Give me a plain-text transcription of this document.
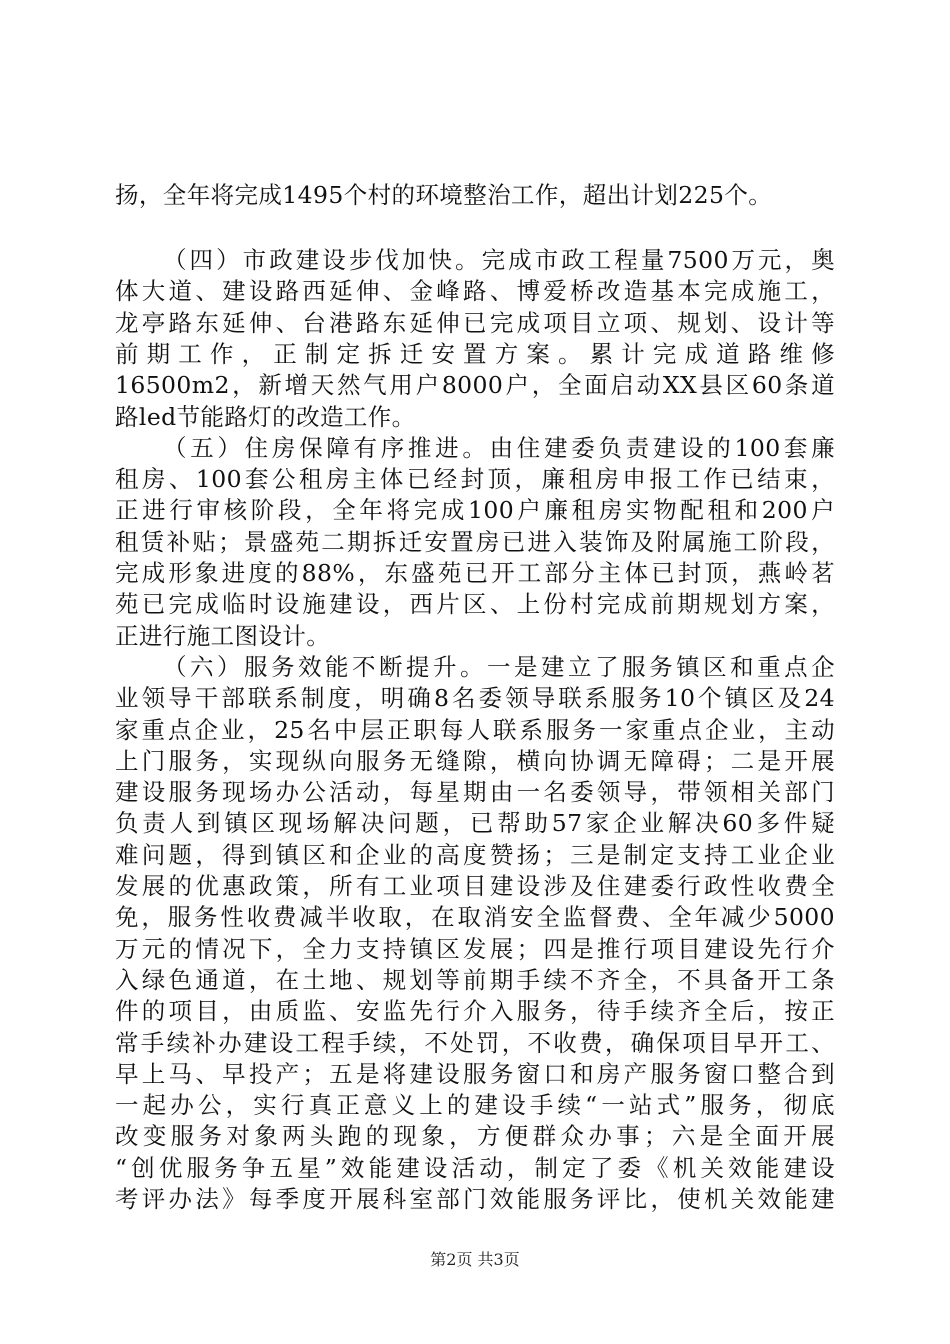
扬，全年将完成1495个村的环境整治工作，超出计划225个。
（四）市政建设步伐加快。完成市政工程量7500万元，奥
体大道、建设路西延伸、金峰路、博爱桥改造基本完成施工，
龙亭路东延伸、台港路东延伸已完成项目立项、规划、设计等
前期工作，正制定拆迁安置方案。累计完成道路维修
16500m2，新增天然气用户8000户，全面启动XX县区60条道
路led节能路灯的改造工作。
（五）住房保障有序推进。由住建委负责建设的100套廉
租房、100套公租房主体已经封顶，廉租房申报工作已结束，
正进行审核阶段，全年将完成100户廉租房实物配租和200户
租赁补贴；景盛苑二期拆迁安置房已进入装饰及附属施工阶段，
完成形象进度的88%，东盛苑已开工部分主体已封顶，燕岭茗
苑已完成临时设施建设，西片区、上份村完成前期规划方案，
正进行施工图设计。
（六）服务效能不断提升。一是建立了服务镇区和重点企
业领导干部联系制度，明确8名委领导联系服务10个镇区及24
家重点企业，25名中层正职每人联系服务一家重点企业，主动
上门服务，实现纵向服务无缝隙，横向协调无障碍；二是开展
建设服务现场办公活动，每星期由一名委领导，带领相关部门
负责人到镇区现场解决问题，已帮助57家企业解决60多件疑
难问题，得到镇区和企业的高度赞扬；三是制定支持工业企业
发展的优惠政策，所有工业项目建设涉及住建委行政性收费全
免，服务性收费减半收取，在取消安全监督费、全年减少5000
万元的情况下，全力支持镇区发展；四是推行项目建设先行介
入绿色通道，在土地、规划等前期手续不齐全，不具备开工条
件的项目，由质监、安监先行介入服务，待手续齐全后，按正
常手续补办建设工程手续，不处罚，不收费，确保项目早开工、
早上马、早投产；五是将建设服务窗口和房产服务窗口整合到
一起办公，实行真正意义上的建设手续“一站式”服务，彻底
改变服务对象两头跑的现象，方便群众办事；六是全面开展
“创优服务争五星”效能建设活动，制定了委《机关效能建设
第2页 共3页
考评办法》每季度开展科室部门效能服务评比，使机关效能建
